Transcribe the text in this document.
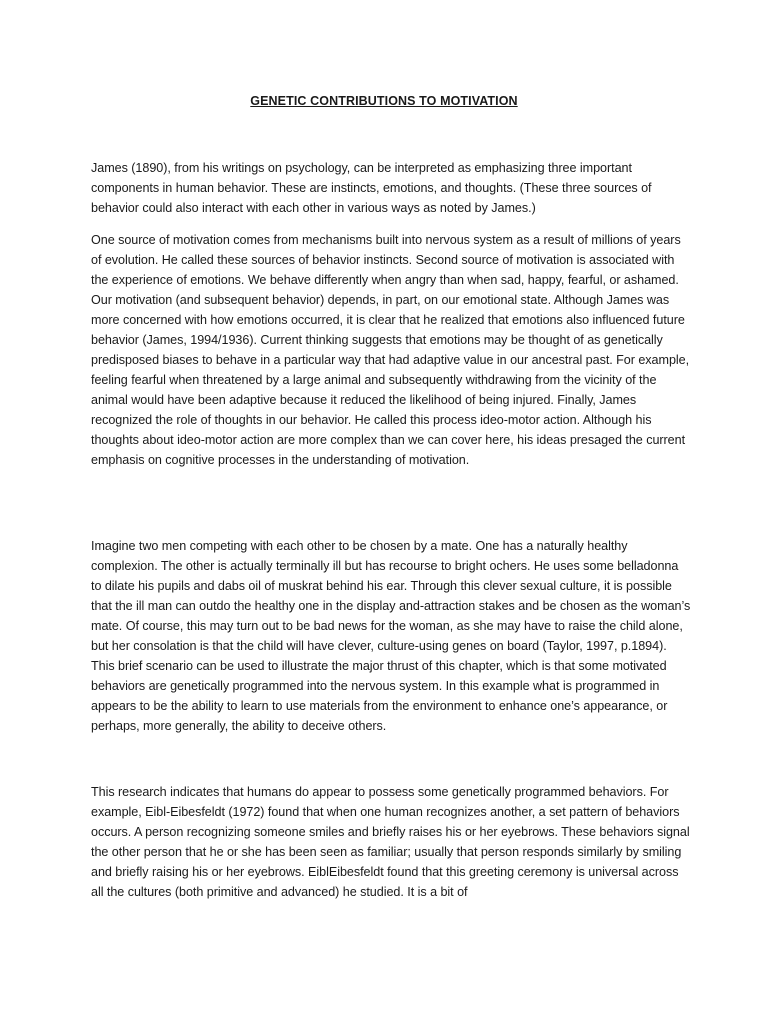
GENETIC CONTRIBUTIONS TO MOTIVATION

James (1890), from his writings on psychology, can be interpreted as emphasizing three important components in human behavior. These are instincts, emotions, and thoughts. (These three sources of behavior could also interact with each other in various ways as noted by James.)

One source of motivation comes from mechanisms built into nervous system as a result of millions of years of evolution. He called these sources of behavior instincts. Second source of motivation is associated with the experience of emotions. We behave differently when angry than when sad, happy, fearful, or ashamed. Our motivation (and subsequent behavior) depends, in part, on our emotional state. Although James was more concerned with how emotions occurred, it is clear that he realized that emotions also influenced future behavior (James, 1994/1936). Current thinking suggests that emotions may be thought of as genetically predisposed biases to behave in a particular way that had adaptive value in our ancestral past. For example, feeling fearful when threatened by a large animal and subsequently withdrawing from the vicinity of the animal would have been adaptive because it reduced the likelihood of being injured. Finally, James recognized the role of thoughts in our behavior. He called this process ideo-motor action. Although his thoughts about ideo-motor action are more complex than we can cover here, his ideas presaged the current emphasis on cognitive processes in the understanding of motivation.

Imagine two men competing with each other to be chosen by a mate. One has a naturally healthy complexion. The other is actually terminally ill but has recourse to bright ochers. He uses some belladonna to dilate his pupils and dabs oil of muskrat behind his ear. Through this clever sexual culture, it is possible that the ill man can outdo the healthy one in the display and-attraction stakes and be chosen as the woman’s mate. Of course, this may turn out to be bad news for the woman, as she may have to raise the child alone, but her consolation is that the child will have clever, culture-using genes on board (Taylor, 1997, p.1894). This brief scenario can be used to illustrate the major thrust of this chapter, which is that some motivated behaviors are genetically programmed into the nervous system. In this example what is programmed in appears to be the ability to learn to use materials from the environment to enhance one’s appearance, or perhaps, more generally, the ability to deceive others.

This research indicates that humans do appear to possess some genetically programmed behaviors. For example, Eibl-Eibesfeldt (1972) found that when one human recognizes another, a set pattern of behaviors occurs. A person recognizing someone smiles and briefly raises his or her eyebrows. These behaviors signal the other person that he or she has been seen as familiar; usually that person responds similarly by smiling and briefly raising his or her eyebrows. EiblEibesfeldt found that this greeting ceremony is universal across all the cultures (both primitive and advanced) he studied. It is a bit of
